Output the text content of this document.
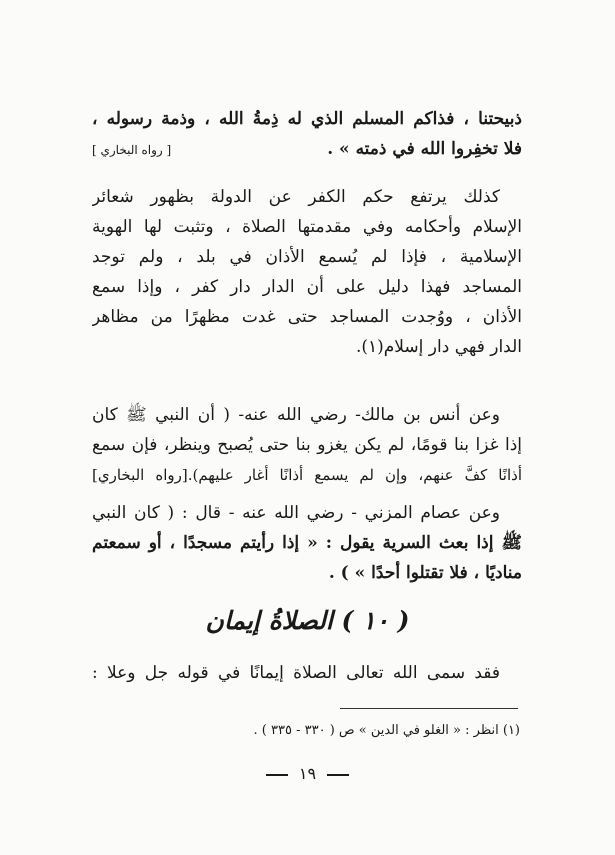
ذبيحتنا ، فذاكم المسلم الذي له ذِمةُ الله ، وذمة رسوله ،
فلا تخفِروا الله في ذمته » .
[ رواه البخاري ]
كذلك يرتفع حكم الكفر عن الدولة بظهور شعائر
الإسلام وأحكامه وفي مقدمتها الصلاة ، وتثبت لها الهوية
الإسلامية ، فإذا لم يُسمع الأذان في بلد ، ولم توجد
المساجد فهذا دليل على أن الدار دار كفر ، وإذا سمع
الأذان ، ووُجدت المساجد حتى غدت مظهرًا من مظاهر
الدار فهي دار إسلام(١).
وعن أنس بن مالك- رضي الله عنه- ( أن النبي ﷺ كان
إذا غزا بنا قومًا، لم يكن يغزو بنا حتى يُصبح وينظر، فإن سمع
أذانًا كفَّ عنهم، وإن لم يسمع أذانًا أغار عليهم).[رواه البخاري]
وعن عصام المزني - رضي الله عنه - قال : ( كان النبي
ﷺ إذا بعث السرية يقول : « إذا رأيتم مسجدًا ، أو سمعتم
مناديًا ، فلا تقتلوا أحدًا » ) .
( ١٠ ) الصلاةُ إيمان
فقد سمى الله تعالى الصلاة إيمانًا في قوله جل وعلا :
(١) انظر : « الغلو في الدين » ص ( ٣٣٠ - ٣٣٥ ) .
١٩
